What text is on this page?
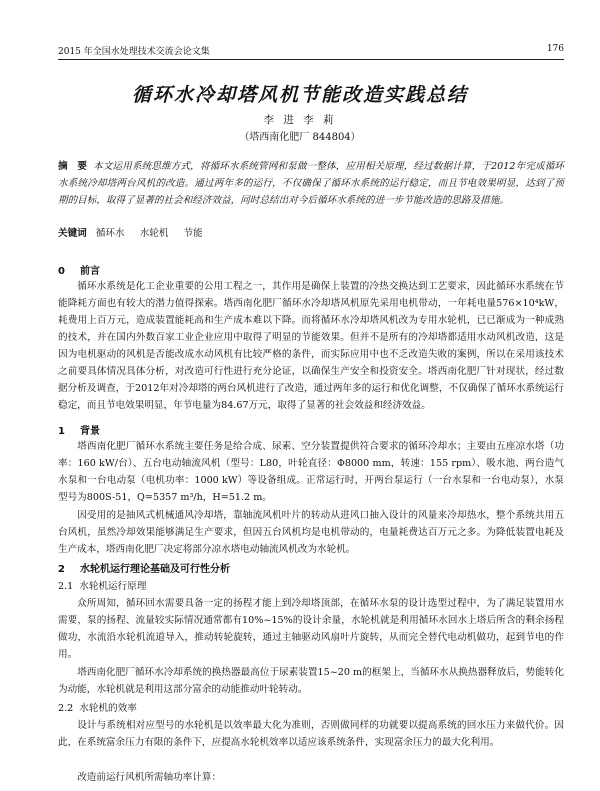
2015 年全国水处理技术交流会论文集	176
循环水冷却塔风机节能改造实践总结
李 进 李 莉
（塔西南化肥厂 844804）
摘　要 本文运用系统思维方式，将循环水系统管网和泵做一整体，应用相关原理，经过数据计算，于2012年完成循环水系统冷却塔两台风机的改造。通过两年多的运行，不仅确保了循环水系统的运行稳定，而且节电效果明显，达到了预期的目标，取得了显著的社会和经济效益，同时总结出对今后循环水系统的进一步节能改造的思路及措施。
关键词 循环水 水轮机 节能
0 前言
循环水系统是化工企业重要的公用工程之一，其作用是确保上装置的冷热交换达到工艺要求，因此循环水系统在节能降耗方面也有较大的潜力值得探索。塔西南化肥厂循环水冷却塔风机原先采用电机带动，一年耗电量576×10⁴kW，耗费用上百万元，造成装置能耗高和生产成本难以下降。而将循环水冷却塔风机改为专用水轮机，已已渐成为一种成熟的技术，并在国内外数百家工业企业应用中取得了明显的节能效果。但并不是所有的冷却塔都适用水动风机改造，这是因为电机驱动的风机是否能改成水动风机有比较严格的条件，而实际应用中也不乏改造失败的案例，所以在采用该技术之前要具体情况具体分析，对改造可行性进行充分论证，以确保生产安全和投资安全。塔西南化肥厂针对现状，经过数据分析及调查，于2012年对冷却塔的两台风机进行了改造，通过两年多的运行和优化调整，不仅确保了循环水系统运行稳定，而且节电效果明显，年节电量为84.67万元，取得了显著的社会效益和经济效益。
1 背景
塔西南化肥厂循环水系统主要任务是给合成、尿素、空分装置提供符合要求的循环冷却水；主要由五座凉水塔（功率：160 kW/台）、五台电动轴流风机（型号：L80，叶轮直径：Φ8000 mm，转速：155 rpm）、吸水池、两台造气水泵和一台电动泵（电机功率：1000 kW）等设备组成。正常运行时，开两台泵运行（一台水泵和一台电动泵），水泵型号为800S-51，Q=5357 m³/h，H=51.2 m。
因受用的是抽风式机械通风冷却塔，靠轴流风机叶片的转动从进风口抽入设计的风量来冷却热水，整个系统共用五台风机，虽然冷却效果能够满足生产要求，但因五台风机均是电机带动的，电量耗费达百万元之多。为降低装置电耗及生产成本，塔西南化肥厂决定将部分凉水塔电动轴流风机改为水轮机。
2 水轮机运行理论基础及可行性分析
2.1 水轮机运行原理
众所周知，循环回水需要具备一定的扬程才能上到冷却塔顶部，在循环水泵的设计选型过程中，为了满足装置用水需要，泵的扬程、流量较实际情况通常都有10%~15%的设计余量，水轮机就是利用循环水回水上塔后所含的剩余扬程做功，水流沿水轮机流道导入，推动转轮旋转，通过主轴驱动风扇叶片旋转，从而完全替代电动机做功，起到节电的作用。
塔西南化肥厂循环水冷却系统的换热器最高位于尿素装置15~20 m的框架上，当循环水从换热器释放后，势能转化为动能，水轮机就是利用这部分富余的动能推动叶轮转动。
2.2 水轮机的效率
设计与系统相对应型号的水轮机是以效率最大化为准则，否则做同样的功就要以提高系统的回水压力来做代价。因此，在系统富余压力有限的条件下，应提高水轮机效率以适应该系统条件，实现富余压力的最大化利用。
改造前运行风机所需轴功率计算：
